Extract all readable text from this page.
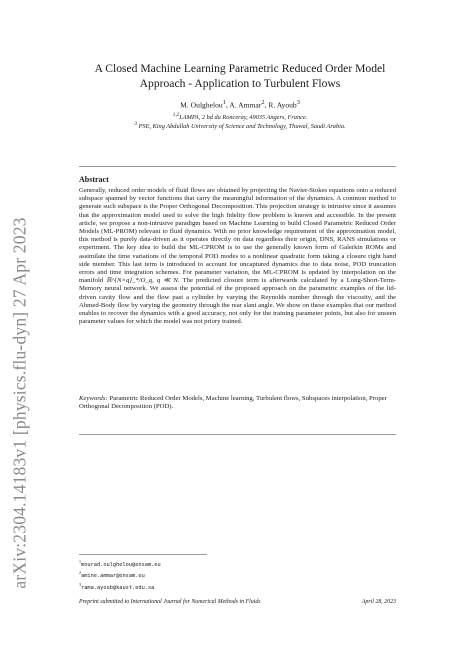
arXiv:2304.14183v1 [physics.flu-dyn] 27 Apr 2023
A Closed Machine Learning Parametric Reduced Order Model
Approach - Application to Turbulent Flows
M. Oulghelou$^1$, A. Ammar$^2$, R. Ayoub$^3$
$^{1,2}$LAMPA, 2 bd du Ronceray, 49035 Angers, France.
$^3$ PSE, King Abdullah University of Science and Technology, Thuwal, Saudi Arabia.
Abstract
Generally, reduced order models of fluid flows are obtained by projecting the Navier-Stokes equations onto a reduced subspace spanned by vector functions that carry the meaningful information of the dynamics. A common method to generate such subspace is the Proper Orthogonal Decomposition. This projection strategy is intrusive since it assumes that the approximation model used to solve the high fidelity flow problem is known and accessible. In the present article, we propose a non-intrusive paradigm based on Machine Learning to build Closed Parametric Reduced Order Models (ML-PROM) relevant to fluid dynamics. With no prior knowledge requirement of the approximation model, this method is purely data-driven as it operates directly on data regardless their origin, DNS, RANS simulations or experiment. The key idea to build the ML-CPROM is to use the generally known form of Galerkin ROMs and assimilate the time variations of the temporal POD modes to a nonlinear quadratic form taking a closure right hand side member. This last term is introduced to account for uncaptured dynamics due to data noise, POD truncation errors and time integration schemes. For parameter variation, the ML-CPROM is updated by interpolation on the manifold ℝ^{N×q}_*/O_q, q ≪ N. The predicted closure term is afterwards calculated by a Long-Short-Term-Memory neural network. We assess the potential of the proposed approach on the parametric examples of the lid-driven cavity flow and the flow past a cylinder by varying the Reynolds number through the viscosity, and the Ahmed-Body flow by varying the geometry through the rear slant angle. We show on these examples that our method enables to recover the dynamics with a good accuracy, not only for the training parameter points, but also for unseen parameter values for which the model was not priory trained.
Keywords: Parametric Reduced Order Models, Machine learning, Turbulent flows, Subspaces interpolation, Proper Orthogonal Decomposition (POD).
$^1$mourad.oulghelou@ensam.eu
$^2$amine.ammar@ensam.eu
$^3$rama.ayoub@kaust.edu.sa
Preprint submitted to International Journal for Numerical Methods in Fluids	April 28, 2023
